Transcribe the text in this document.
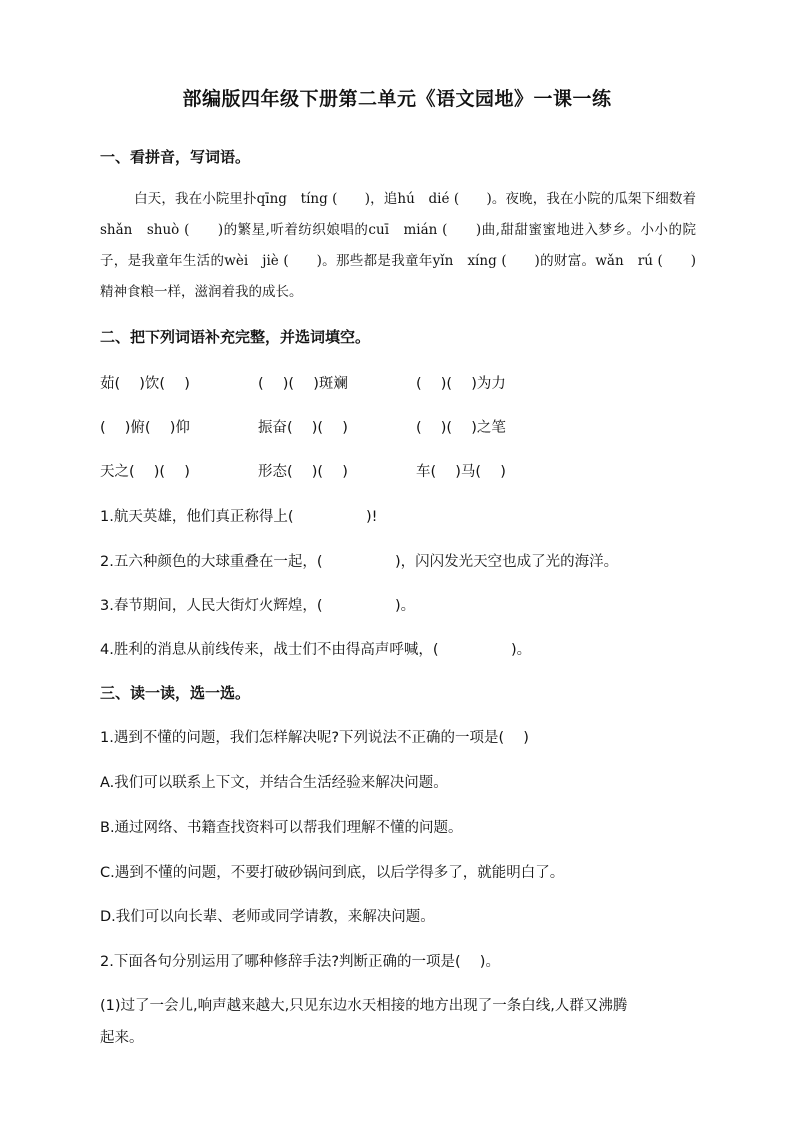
部编版四年级下册第二单元《语文园地》一课一练
一、看拼音，写词语。
白天，我在小院里扑qīng　tíng (　　)，追hú　dié (　　)。夜晚，我在小院的瓜架下细数着shǎn　shuò (　　)的繁星,听着纺织娘唱的cuī　mián (　　)曲,甜甜蜜蜜地进入梦乡。小小的院子，是我童年生活的wèi　jiè (　　)。那些都是我童年yǐn　xíng (　　)的财富。wǎn　rú (　　)精神食粮一样，滋润着我的成长。
二、把下列词语补充完整，并选词填空。
茹(　 )饮(　 )	(　 )(　 )斑斓	(　 )(　 )为力
(　 )俯(　 )仰	振奋(　 )(　 )	(　 )(　 )之笔
天之(　 )(　 )	形态(　 )(　 )	车(　 )马(　 )
1.航天英雄，他们真正称得上(　　　　　)!
2.五六种颜色的大球重叠在一起，(　　　　　)，闪闪发光天空也成了光的海洋。
3.春节期间，人民大街灯火辉煌，(　　　　　)。
4.胜利的消息从前线传来，战士们不由得高声呼喊，(　　　　　)。
三、读一读，选一选。
1.遇到不懂的问题，我们怎样解决呢?下列说法不正确的一项是(　 )
A.我们可以联系上下文，并结合生活经验来解决问题。
B.通过网络、书籍查找资料可以帮我们理解不懂的问题。
C.遇到不懂的问题，不要打破砂锅问到底，以后学得多了，就能明白了。
D.我们可以向长辈、老师或同学请教，来解决问题。
2.下面各句分别运用了哪种修辞手法?判断正确的一项是(　 )。
(1)过了一会儿,响声越来越大,只见东边水天相接的地方出现了一条白线,人群又沸腾
起来。
